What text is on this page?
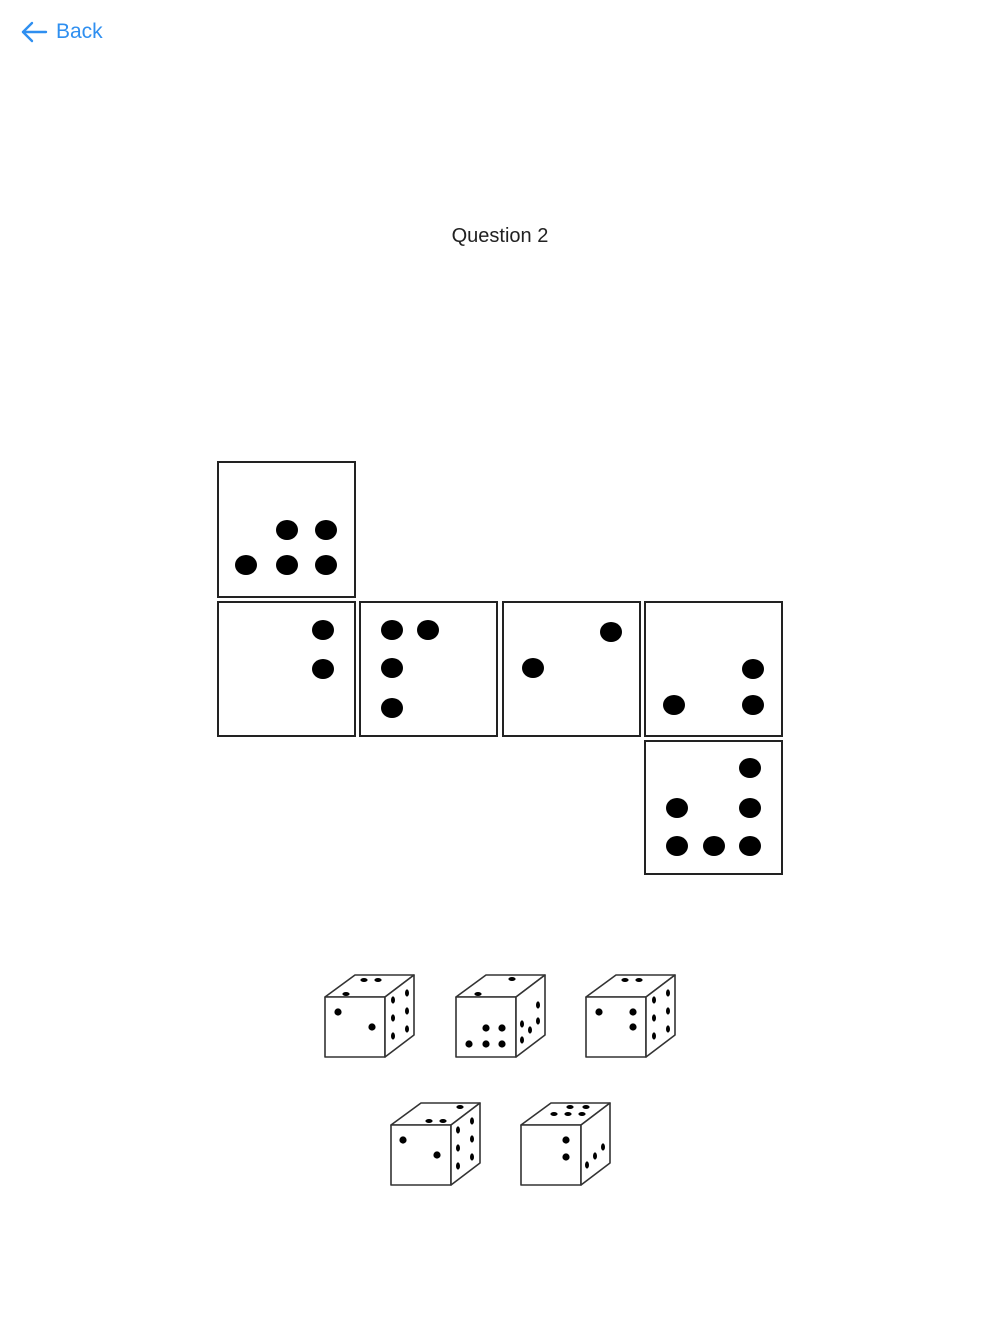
Back
Question 2
